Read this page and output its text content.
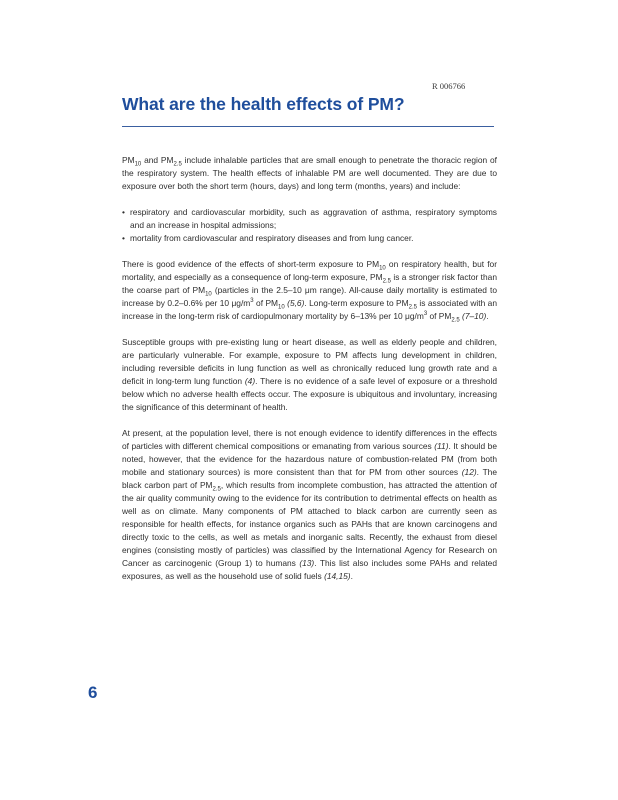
R 006766
What are the health effects of PM?

$PM_{10}$ and $PM_{2.5}$ include inhalable particles that are small enough to penetrate the thoracic region of the respiratory system. The health effects of inhalable PM are well documented. They are due to exposure over both the short term (hours, days) and long term (months, years) and include:

• respiratory and cardiovascular morbidity, such as aggravation of asthma, respiratory symptoms and an increase in hospital admissions;
• mortality from cardiovascular and respiratory diseases and from lung cancer.

There is good evidence of the effects of short-term exposure to $PM_{10}$ on respiratory health, but for mortality, and especially as a consequence of long-term exposure, $PM_{2.5}$ is a stronger risk factor than the coarse part of $PM_{10}$ (particles in the 2.5–10 μm range). All-cause daily mortality is estimated to increase by 0.2–0.6% per 10 $\mu g/m^3$ of $PM_{10}$ (5,6). Long-term exposure to $PM_{2.5}$ is associated with an increase in the long-term risk of cardiopulmonary mortality by 6–13% per 10 $\mu g/m^3$ of $PM_{2.5}$ (7–10).

Susceptible groups with pre-existing lung or heart disease, as well as elderly people and children, are particularly vulnerable. For example, exposure to PM affects lung development in children, including reversible deficits in lung function as well as chronically reduced lung growth rate and a deficit in long-term lung function (4). There is no evidence of a safe level of exposure or a threshold below which no adverse health effects occur. The exposure is ubiquitous and involuntary, increasing the significance of this determinant of health.

At present, at the population level, there is not enough evidence to identify differences in the effects of particles with different chemical compositions or emanating from various sources (11). It should be noted, however, that the evidence for the hazardous nature of combustion-related PM (from both mobile and stationary sources) is more consistent than that for PM from other sources (12). The black carbon part of $PM_{2.5}$, which results from incomplete combustion, has attracted the attention of the air quality community owing to the evidence for its contribution to detrimental effects on health as well as on climate. Many components of PM attached to black carbon are currently seen as responsible for health effects, for instance organics such as PAHs that are known carcinogens and directly toxic to the cells, as well as metals and inorganic salts. Recently, the exhaust from diesel engines (consisting mostly of particles) was classified by the International Agency for Research on Cancer as carcinogenic (Group 1) to humans (13). This list also includes some PAHs and related exposures, as well as the household use of solid fuels (14,15).

6
